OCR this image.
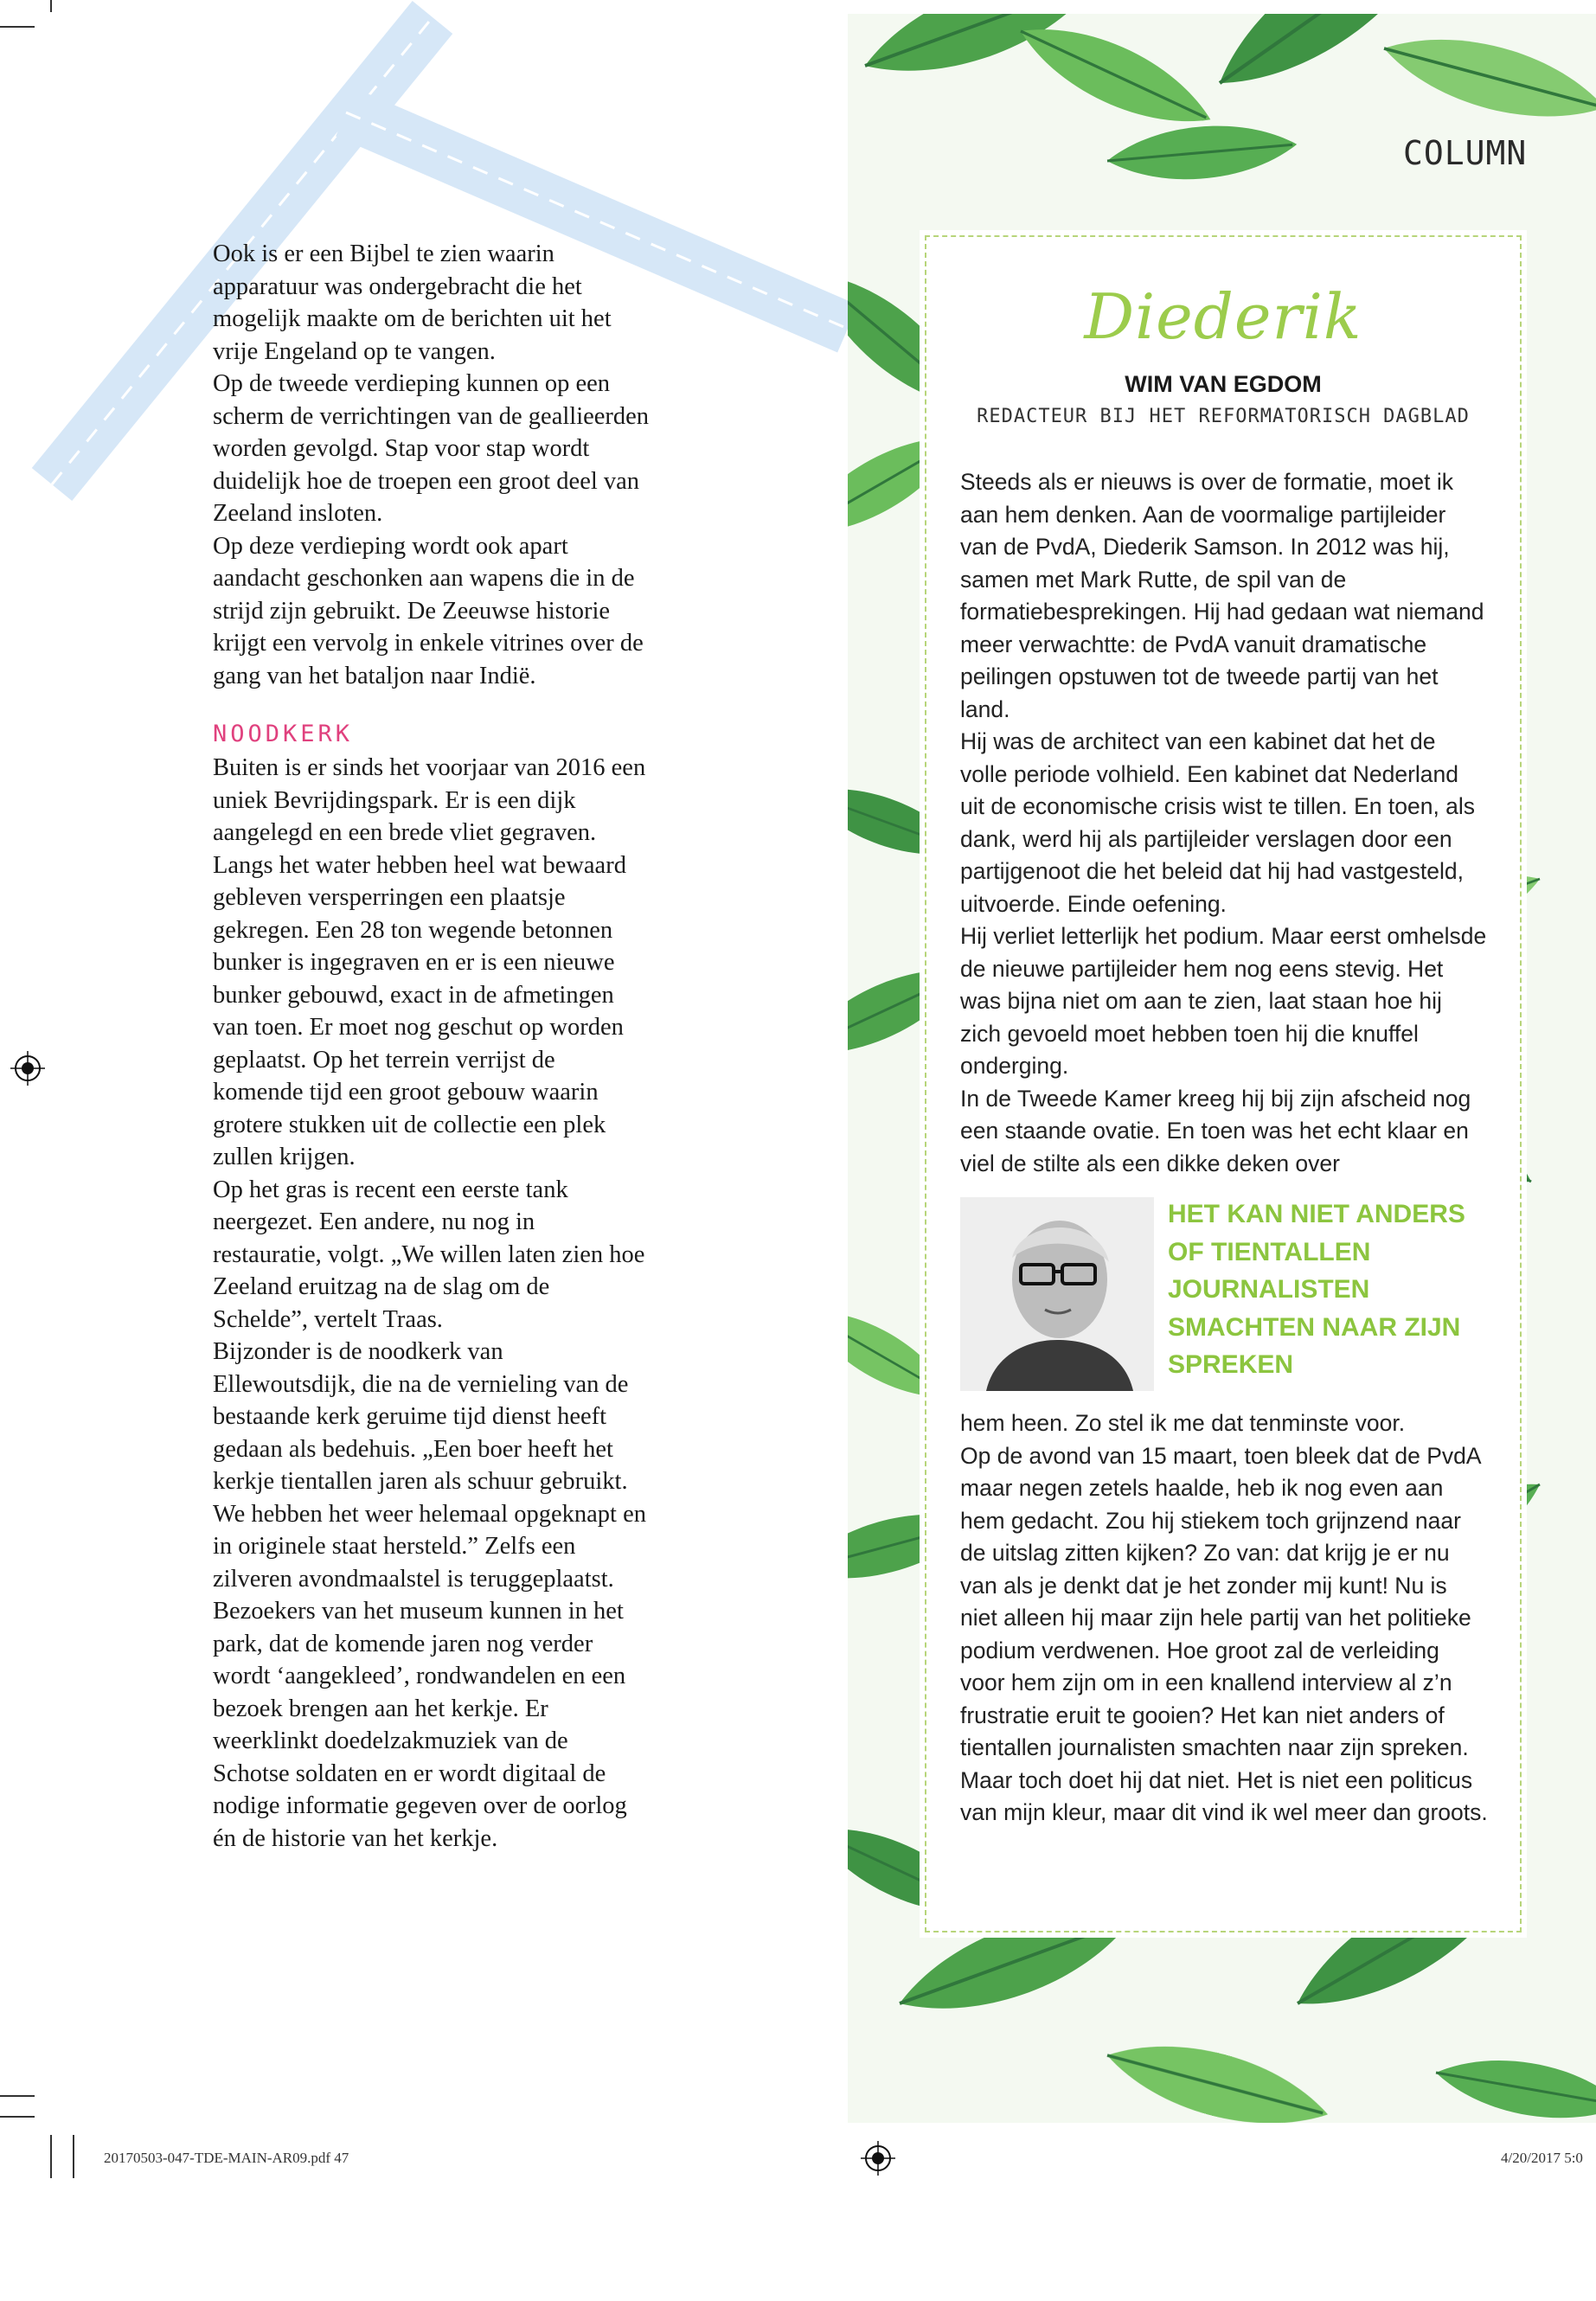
Ook is er een Bijbel te zien waarin apparatuur was ondergebracht die het mogelijk maakte om de berichten uit het vrije Engeland op te vangen.

Op de tweede verdieping kunnen op een scherm de verrichtingen van de geallieerden worden gevolgd. Stap voor stap wordt duidelijk hoe de troepen een groot deel van Zeeland insloten.

Op deze verdieping wordt ook apart aandacht geschonken aan wapens die in de strijd zijn gebruikt. De Zeeuwse historie krijgt een vervolg in enkele vitrines over de gang van het bataljon naar Indië.

NOODKERK

Buiten is er sinds het voorjaar van 2016 een uniek Bevrijdingspark. Er is een dijk aangelegd en een brede vliet gegraven. Langs het water hebben heel wat bewaard gebleven versperringen een plaatsje gekregen. Een 28 ton wegende betonnen bunker is ingegraven en er is een nieuwe bunker gebouwd, exact in de afmetingen van toen. Er moet nog geschut op worden geplaatst. Op het terrein verrijst de komende tijd een groot gebouw waarin grotere stukken uit de collectie een plek zullen krijgen.

Op het gras is recent een eerste tank neergezet. Een andere, nu nog in restauratie, volgt. „We willen laten zien hoe Zeeland eruitzag na de slag om de Schelde”, vertelt Traas.

Bijzonder is de noodkerk van Ellewoutsdijk, die na de vernieling van de bestaande kerk geruime tijd dienst heeft gedaan als bedehuis. „Een boer heeft het kerkje tientallen jaren als schuur gebruikt. We hebben het weer helemaal opgeknapt en in originele staat hersteld.” Zelfs een zilveren avondmaalstel is teruggeplaatst.

Bezoekers van het museum kunnen in het park, dat de komende jaren nog verder wordt ‘aangekleed’, rondwandelen en een bezoek brengen aan het kerkje. Er weerklinkt doedelzakmuziek van de Schotse soldaten en er wordt digitaal de nodige informatie gegeven over de oorlog én de historie van het kerkje.

COLUMN
Diederik
WIM VAN EGDOM
REDACTEUR BIJ HET REFORMATORISCH DAGBLAD

Steeds als er nieuws is over de formatie, moet ik aan hem denken. Aan de voormalige partijleider van de PvdA, Diederik Samson. In 2012 was hij, samen met Mark Rutte, de spil van de formatiebesprekingen. Hij had gedaan wat niemand meer verwachtte: de PvdA vanuit dramatische peilingen opstuwen tot de tweede partij van het land.

Hij was de architect van een kabinet dat het de volle periode volhield. Een kabinet dat Nederland uit de economische crisis wist te tillen. En toen, als dank, werd hij als partijleider verslagen door een partijgenoot die het beleid dat hij had vastgesteld, uitvoerde. Einde oefening.

Hij verliet letterlijk het podium. Maar eerst omhelsde de nieuwe partijleider hem nog eens stevig. Het was bijna niet om aan te zien, laat staan hoe hij zich gevoeld moet hebben toen hij die knuffel onderging.

In de Tweede Kamer kreeg hij bij zijn afscheid nog een staande ovatie. En toen was het echt klaar en viel de stilte als een dikke deken over

HET KAN NIET ANDERS OF TIENTALLEN JOURNALISTEN SMACHTEN NAAR ZIJN SPREKEN

hem heen. Zo stel ik me dat tenminste voor.

Op de avond van 15 maart, toen bleek dat de PvdA maar negen zetels haalde, heb ik nog even aan hem gedacht. Zou hij stiekem toch grijnzend naar de uitslag zitten kijken? Zo van: dat krijg je er nu van als je denkt dat je het zonder mij kunt! Nu is niet alleen hij maar zijn hele partij van het politieke podium verdwenen. Hoe groot zal de verleiding voor hem zijn om in een knallend interview al z’n frustratie eruit te gooien? Het kan niet anders of tientallen journalisten smachten naar zijn spreken. Maar toch doet hij dat niet. Het is niet een politicus van mijn kleur, maar dit vind ik wel meer dan groots.

20170503-047-TDE-MAIN-AR09.pdf 47	4/20/2017 5:0
